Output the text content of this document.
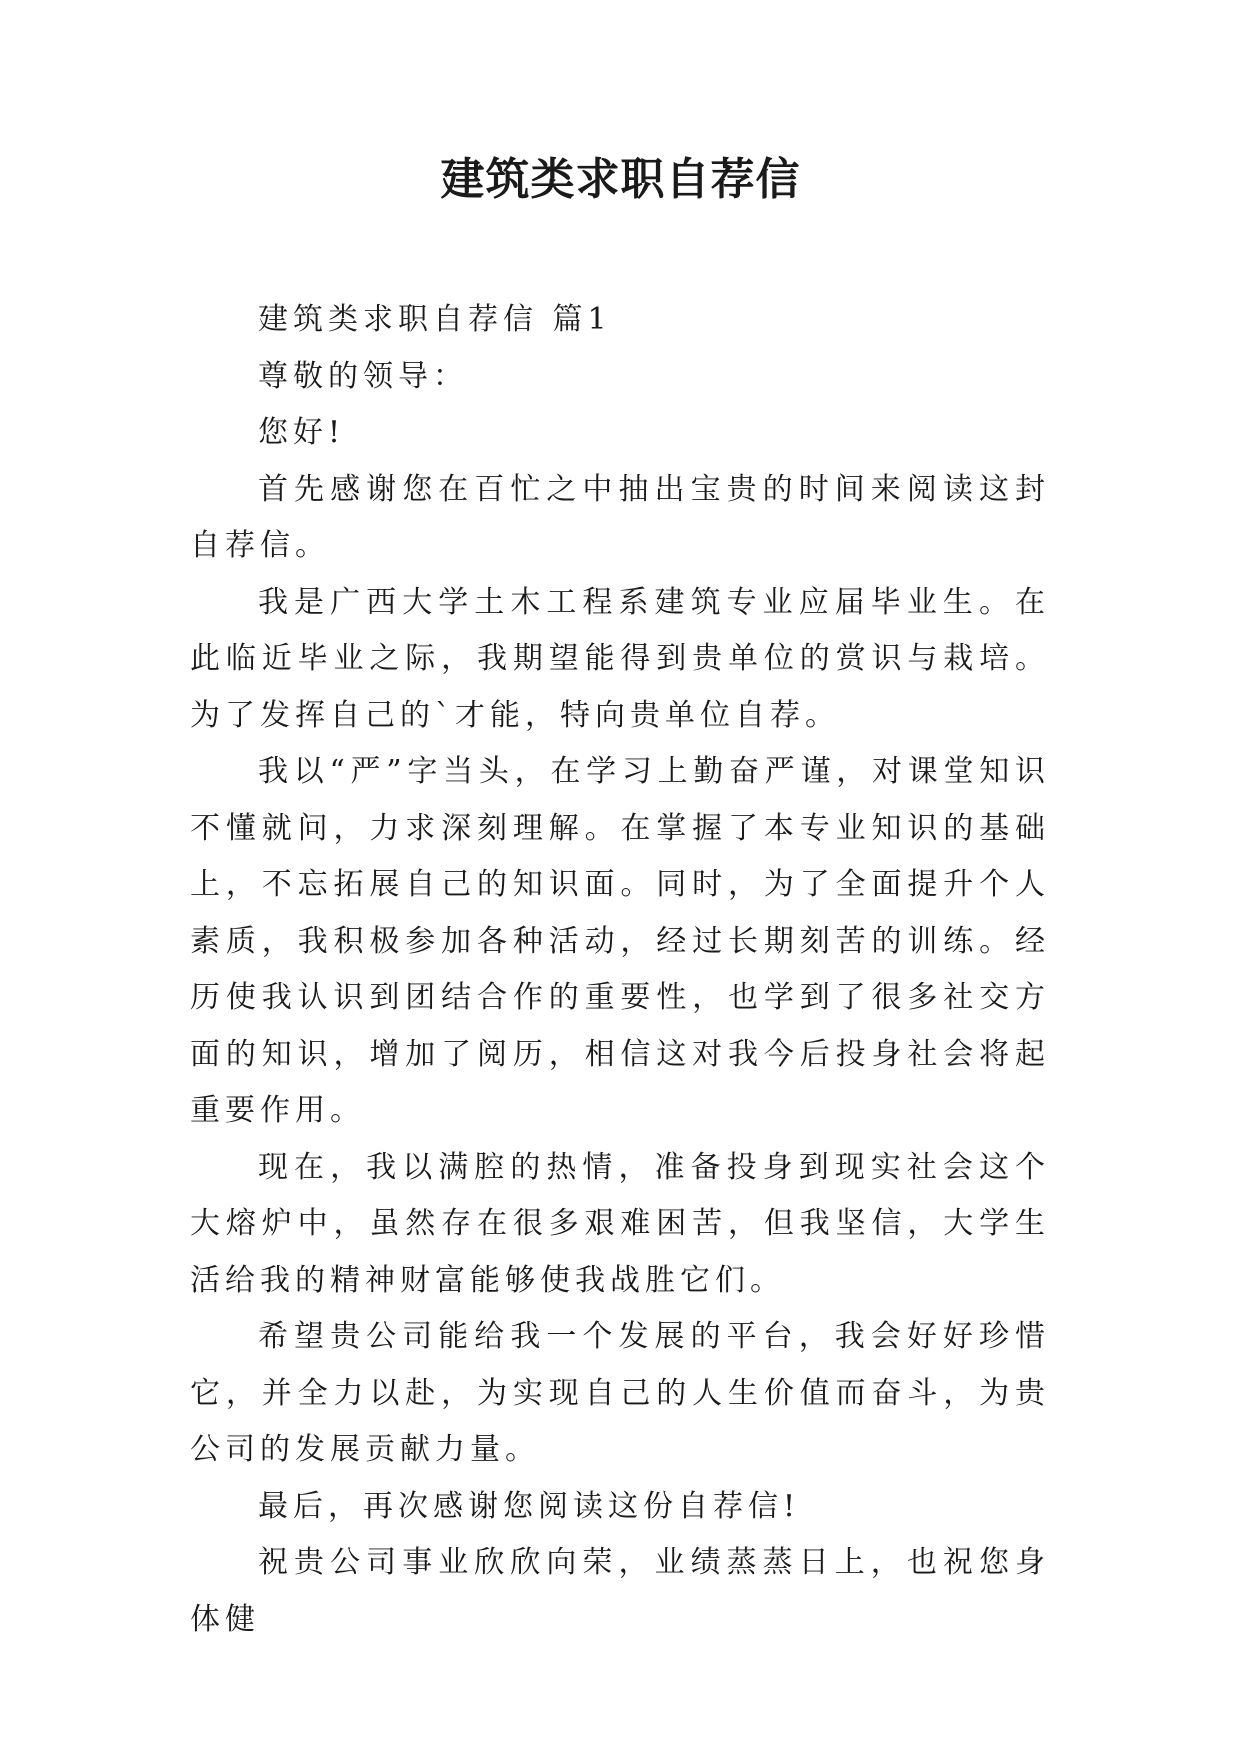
建筑类求职自荐信

建筑类求职自荐信 篇1

尊敬的领导：

您好!

首先感谢您在百忙之中抽出宝贵的时间来阅读这封自荐信。

我是广西大学土木工程系建筑专业应届毕业生。在此临近毕业之际，我期望能得到贵单位的赏识与栽培。为了发挥自己的`才能，特向贵单位自荐。

我以“严”字当头，在学习上勤奋严谨，对课堂知识不懂就问，力求深刻理解。在掌握了本专业知识的基础上，不忘拓展自己的知识面。同时，为了全面提升个人素质，我积极参加各种活动，经过长期刻苦的训练。经历使我认识到团结合作的重要性，也学到了很多社交方面的知识，增加了阅历，相信这对我今后投身社会将起重要作用。

现在，我以满腔的热情，准备投身到现实社会这个大熔炉中，虽然存在很多艰难困苦，但我坚信，大学生活给我的精神财富能够使我战胜它们。

希望贵公司能给我一个发展的平台，我会好好珍惜它，并全力以赴，为实现自己的人生价值而奋斗，为贵公司的发展贡献力量。

最后，再次感谢您阅读这份自荐信!

祝贵公司事业欣欣向荣，业绩蒸蒸日上，也祝您身体健
